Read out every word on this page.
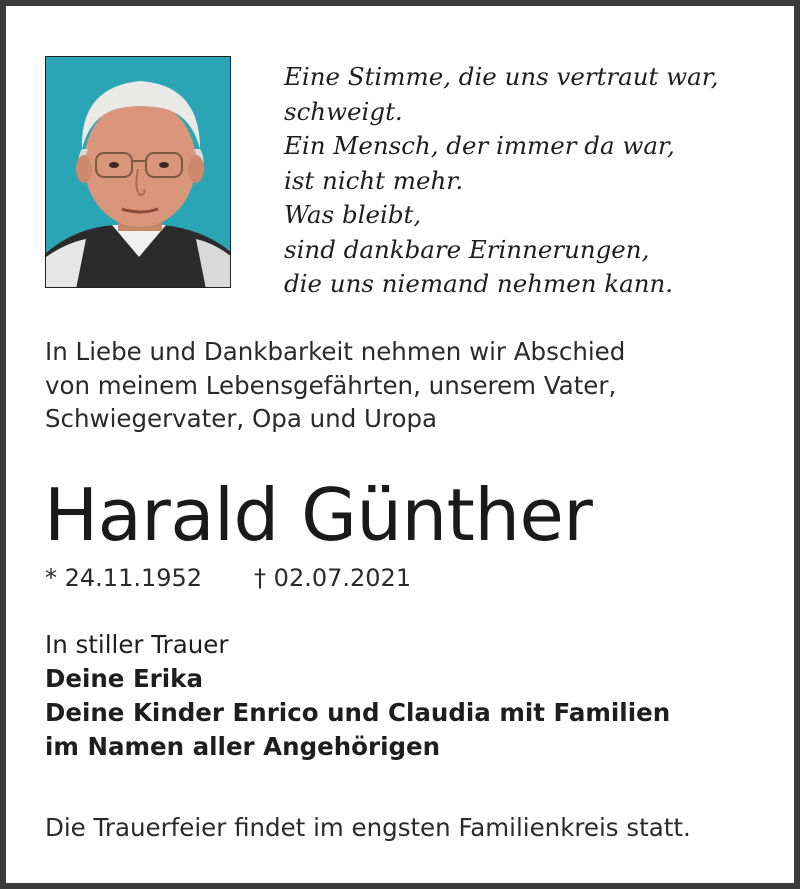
Eine Stimme, die uns vertraut war,
schweigt.
Ein Mensch, der immer da war,
ist nicht mehr.
Was bleibt,
sind dankbare Erinnerungen,
die uns niemand nehmen kann.
In Liebe und Dankbarkeit nehmen wir Abschied
von meinem Lebensgefährten, unserem Vater,
Schwiegervater, Opa und Uropa
Harald Günther
* 24.11.1952 † 02.07.2021
In stiller Trauer
Deine Erika
Deine Kinder Enrico und Claudia mit Familien
im Namen aller Angehörigen
Die Trauerfeier findet im engsten Familienkreis statt.
